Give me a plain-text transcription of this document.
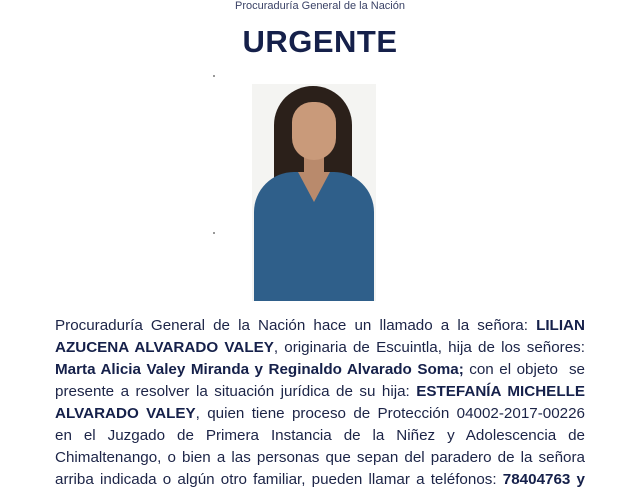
Procuraduría General de la Nación
URGENTE
Procuraduría General de la Nación hace un llamado a la señora: LILIAN
AZUCENA ALVARADO VALEY, originaria de Escuintla, hija de los señores:
Marta Alicia Valey Miranda y Reginaldo Alvarado Soma; con el objeto  se
presente a resolver la situación jurídica de su hija: ESTEFANÍA MICHELLE
ALVARADO VALEY, quien tiene proceso de Protección 04002-2017-00226
en el Juzgado de Primera Instancia de la Niñez y Adolescencia de
Chimaltenango, o bien a las personas que sepan del paradero de la señora
arriba indicada o algún otro familiar, pueden llamar a teléfonos: 78404763 y
